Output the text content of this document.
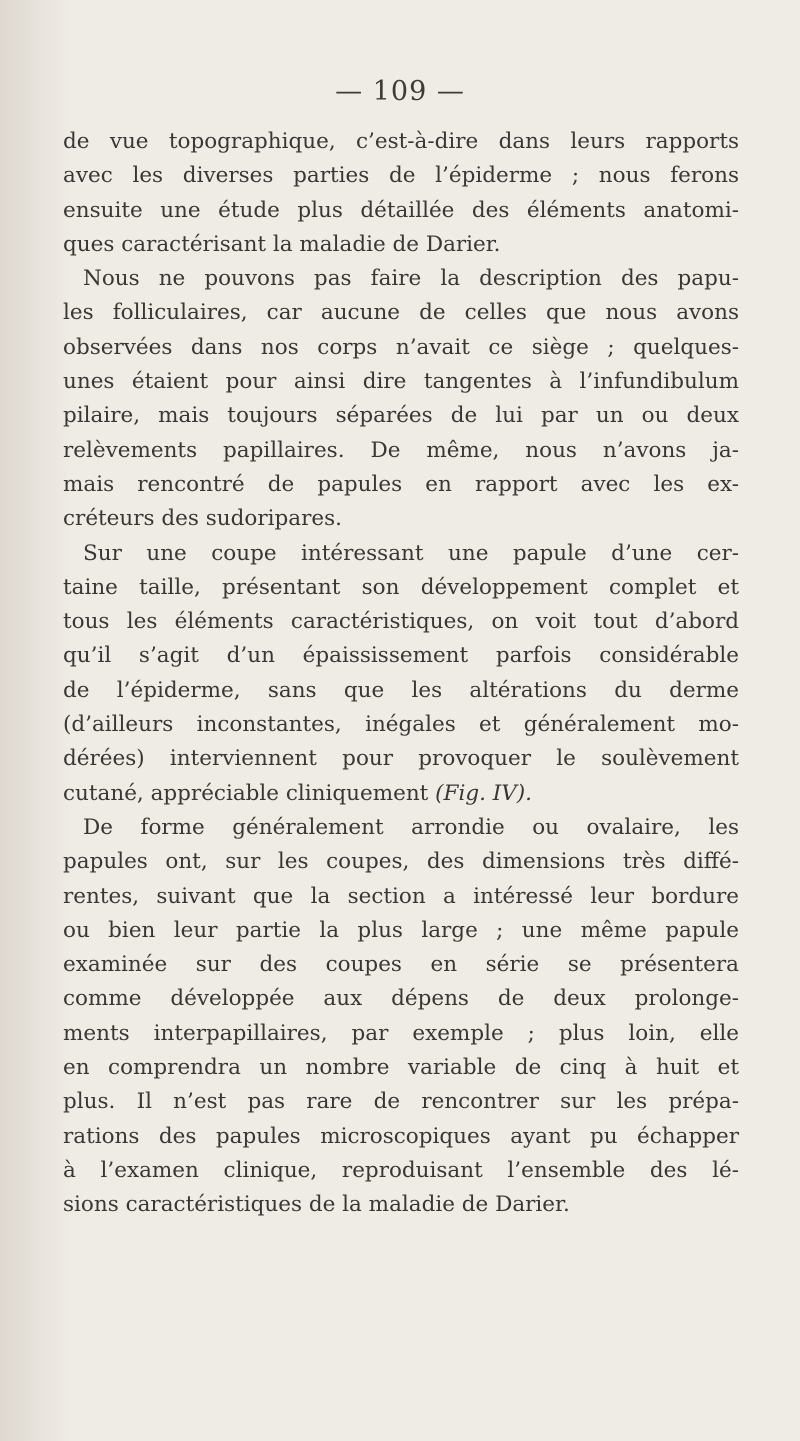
— 109 —
de vue topographique, c’est-à-dire dans leurs rapports
avec les diverses parties de l’épiderme ; nous ferons
ensuite une étude plus détaillée des éléments anatomi-
ques caractérisant la maladie de Darier.
Nous ne pouvons pas faire la description des papu-
les folliculaires, car aucune de celles que nous avons
observées dans nos corps n’avait ce siège ; quelques-
unes étaient pour ainsi dire tangentes à l’infundibulum
pilaire, mais toujours séparées de lui par un ou deux
relèvements papillaires. De même, nous n’avons ja-
mais rencontré de papules en rapport avec les ex-
créteurs des sudoripares.
Sur une coupe intéressant une papule d’une cer-
taine taille, présentant son développement complet et
tous les éléments caractéristiques, on voit tout d’abord
qu’il s’agit d’un épaississement parfois considérable
de l’épiderme, sans que les altérations du derme
(d’ailleurs inconstantes, inégales et généralement mo-
dérées) interviennent pour provoquer le soulèvement
cutané, appréciable cliniquement (Fig. IV).
De forme généralement arrondie ou ovalaire, les
papules ont, sur les coupes, des dimensions très diffé-
rentes, suivant que la section a intéressé leur bordure
ou bien leur partie la plus large ; une même papule
examinée sur des coupes en série se présentera
comme développée aux dépens de deux prolonge-
ments interpapillaires, par exemple ; plus loin, elle
en comprendra un nombre variable de cinq à huit et
plus. Il n’est pas rare de rencontrer sur les prépa-
rations des papules microscopiques ayant pu échapper
à l’examen clinique, reproduisant l’ensemble des lé-
sions caractéristiques de la maladie de Darier.
